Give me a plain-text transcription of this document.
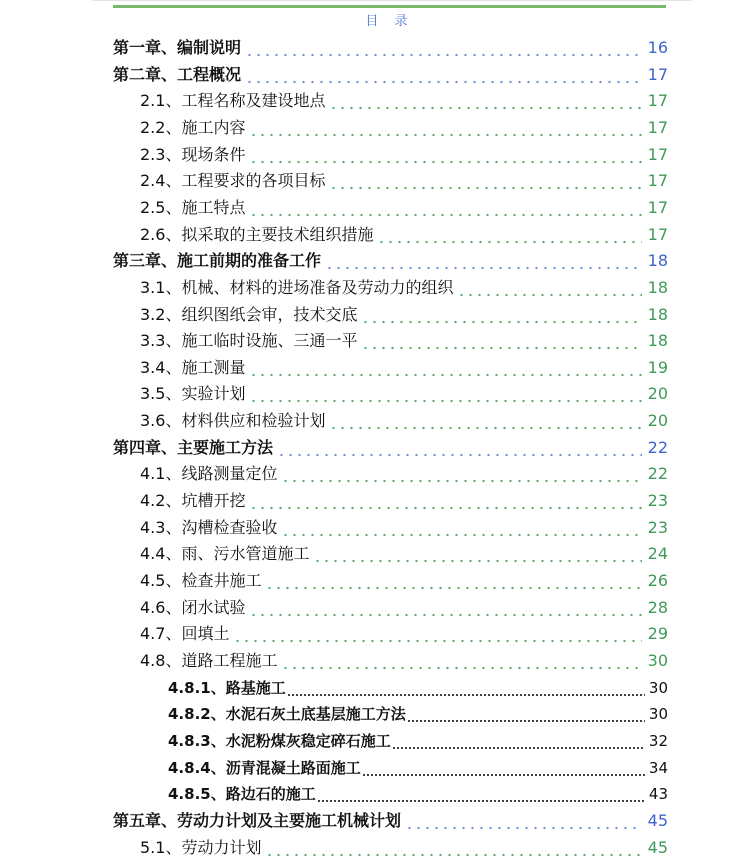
目 录
第一章、编制说明	16
第二章、工程概况	17
2.1、工程名称及建设地点	17
2.2、施工内容	17
2.3、现场条件	17
2.4、工程要求的各项目标	17
2.5、施工特点	17
2.6、拟采取的主要技术组织措施	17
第三章、施工前期的准备工作	18
3.1、机械、材料的进场准备及劳动力的组织	18
3.2、组织图纸会审，技术交底	18
3.3、施工临时设施、三通一平	18
3.4、施工测量	19
3.5、实验计划	20
3.6、材料供应和检验计划	20
第四章、主要施工方法	22
4.1、线路测量定位	22
4.2、坑槽开挖	23
4.3、沟槽检查验收	23
4.4、雨、污水管道施工	24
4.5、检查井施工	26
4.6、闭水试验	28
4.7、回填土	29
4.8、道路工程施工	30
4.8.1、路基施工	30
4.8.2、水泥石灰土底基层施工方法	30
4.8.3、水泥粉煤灰稳定碎石施工	32
4.8.4、沥青混凝土路面施工	34
4.8.5、路边石的施工	43
第五章、劳动力计划及主要施工机械计划	45
5.1、劳动力计划	45
